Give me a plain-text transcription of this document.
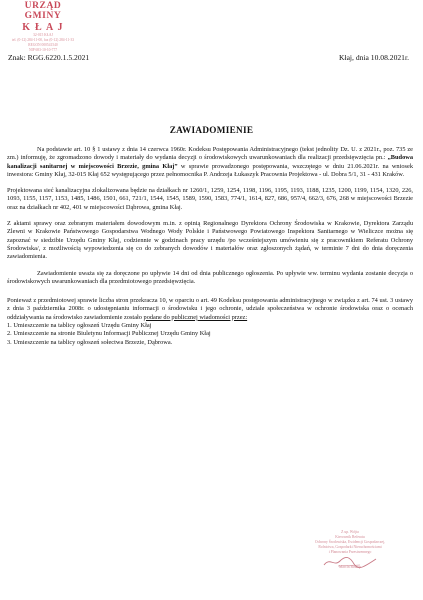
URZĄD GMINY
K Ł A J
32-015 KŁAJ
tel. (0-12) 284-11-00, fax (0-12) 284-11-33
REGON 000541540
NIP 683-10-10-777
Znak: RGG.6220.1.5.2021	Kłaj, dnia 10.08.2021r.
ZAWIADOMIENIE

Na podstawie art. 10 § 1 ustawy z dnia 14 czerwca 1960r. Kodeksu Postępowania Administracyjnego (tekst jednolity Dz. U. z 2021r., poz. 735 ze zm.) informuję, że zgromadzono dowody i materiały do wydania decyzji o środowiskowych uwarunkowaniach dla realizacji przedsięwzięcia pn.: „Budowa kanalizacji sanitarnej w miejscowości Brzezie, gmina Kłaj” w sprawie prowadzonego postępowania, wszczętego w dniu 21.06.2021r. na wniosek inwestora: Gminy Kłaj, 32-015 Kłaj 652 występującego przez pełnomocnika P. Andrzeja Łukaszyk Pracownia Projektowa - ul. Dobra 5/1, 31 - 431 Kraków.

Projektowana sieć kanalizacyjna zlokalizowana będzie na działkach nr 1260/1, 1259, 1254, 1198, 1196, 1195, 1193, 1188, 1235, 1200, 1199, 1154, 1320, 226, 1093, 1155, 1157, 1153, 1485, 1486, 1501, 661, 721/1, 1544, 1545, 1589, 1590, 1583, 774/1, 1614, 827, 686, 957/4, 662/3, 676, 268 w miejscowości Brzezie oraz na działkach nr 402, 401 w miejscowości Dąbrowa, gmina Kłaj.

Z aktami sprawy oraz zebranym materiałem dowodowym m.in. z opinią Regionalnego Dyrektora Ochrony Środowiska w Krakowie, Dyrektora Zarządu Zlewni w Krakowie Państwowego Gospodarstwa Wodnego Wody Polskie i Państwowego Powiatowego Inspektora Sanitarnego w Wieliczce można się zapoznać w siedzibie Urzędu Gminy Kłaj, codziennie w godzinach pracy urzędu /po wcześniejszym umówieniu się z pracownikiem Referatu Ochrony Środowiska/, z możliwością wypowiedzenia się co do zebranych dowodów i materiałów oraz zgłoszonych żądań, w terminie 7 dni do dnia doręczenia zawiadomienia.

Zawiadomienie uważa się za doręczone po upływie 14 dni od dnia publicznego ogłoszenia. Po upływie ww. terminu wydania zostanie decyzja o środowiskowych uwarunkowaniach dla przedmiotowego przedsięwzięcia.

Ponieważ z przedmiotowej sprawie liczba stron przekracza 10, w oparciu o art. 49 Kodeksu postępowania administracyjnego w związku z art. 74 ust. 3 ustawy z dnia 3 października 2008r. o udostępnianiu informacji o środowisku i jego ochronie, udziale społeczeństwa w ochronie środowiska oraz o ocenach oddziaływania na środowisko zawiadomienie zostało podane do publicznej wiadomości przez:

1. Umieszczenie na tablicy ogłoszeń Urzędu Gminy Kłaj
2. Umieszczenie na stronie Biuletynu Informacji Publicznej Urzędu Gminy Kłaj
3. Umieszczenie na tablicy ogłoszeń sołectwa Brzezie, Dąbrowa.
Z up. Wójta
Kierownik Referatu
Ochrony Środowiska, Ewidencji Gospodarczej,
Rolnictwa, Gospodarki Nieruchomościami
i Planowania Przestrzennego
Marcin Biskup
